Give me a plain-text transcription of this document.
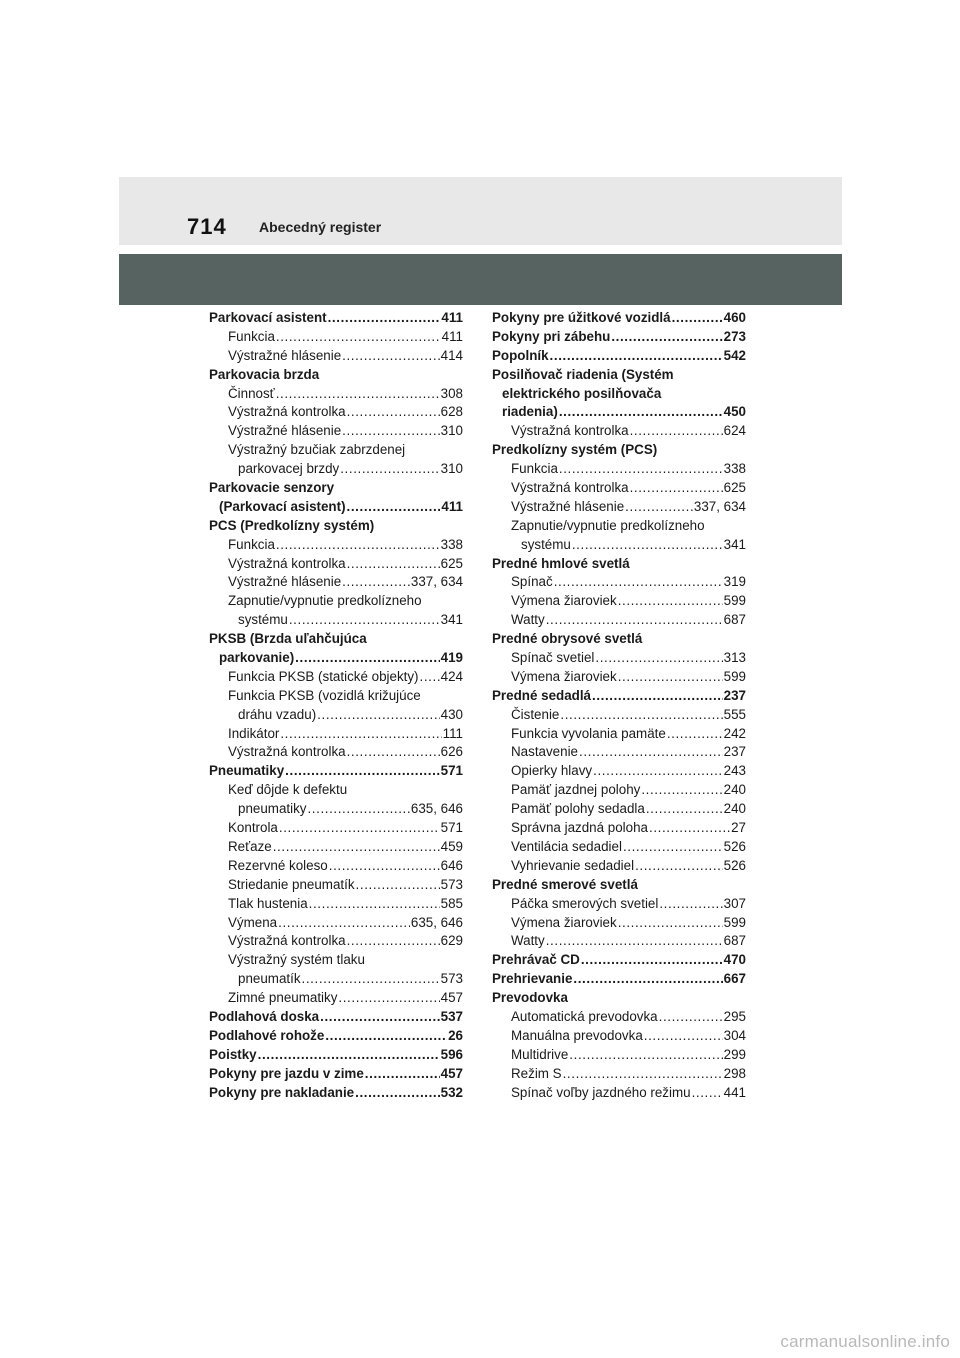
714 Abecedný register
Parkovací asistent .....	411
Funkcia .....	411
Výstražné hlásenie .....	414
Parkovacia brzda
Činnosť .....	308
Výstražná kontrolka .....	628
Výstražné hlásenie .....	310
Výstražný bzučiak zabrzdenej
parkovacej brzdy .....	310
Parkovacie senzory
(Parkovací asistent) .....	411
PCS (Predkolízny systém)
Funkcia .....	338
Výstražná kontrolka .....	625
Výstražné hlásenie .....	337, 634
Zapnutie/vypnutie predkolízneho
systému .....	341
PKSB (Brzda uľahčujúca
parkovanie) .....	419
Funkcia PKSB (statické objekty) ..... 424
Funkcia PKSB (vozidlá križujúce
dráhu vzadu) .....	430
Indikátor .....	111
Výstražná kontrolka .....	626
Pneumatiky .....	571
Keď dôjde k defektu
pneumatiky .....	635, 646
Kontrola .....	571
Reťaze .....	459
Rezervné koleso .....	646
Striedanie pneumatík .....	573
Tlak hustenia .....	585
Výmena .....	635, 646
Výstražná kontrolka .....	629
Výstražný systém tlaku
pneumatík .....	573
Zimné pneumatiky .....	457
Podlahová doska .....	537
Podlahové rohože .....	26
Poistky .....	596
Pokyny pre jazdu v zime .....	457
Pokyny pre nakladanie .....	532
Pokyny pre úžitkové vozidlá .....	460
Pokyny pri zábehu .....	273
Popolník .....	542
Posilňovač riadenia (Systém
elektrického posilňovača
riadenia) .....	450
Výstražná kontrolka .....	624
Predkolízny systém (PCS)
Funkcia .....	338
Výstražná kontrolka .....	625
Výstražné hlásenie .....	337, 634
Zapnutie/vypnutie predkolízneho
systému .....	341
Predné hmlové svetlá
Spínač .....	319
Výmena žiaroviek .....	599
Watty .....	687
Predné obrysové svetlá
Spínač svetiel .....	313
Výmena žiaroviek .....	599
Predné sedadlá .....	237
Čistenie .....	555
Funkcia vyvolania pamäte .....	242
Nastavenie .....	237
Opierky hlavy .....	243
Pamäť jazdnej polohy .....	240
Pamäť polohy sedadla .....	240
Správna jazdná poloha .....	27
Ventilácia sedadiel .....	526
Vyhrievanie sedadiel .....	526
Predné smerové svetlá
Páčka smerových svetiel .....	307
Výmena žiaroviek .....	599
Watty .....	687
Prehrávač CD .....	470
Prehrievanie .....	667
Prevodovka
Automatická prevodovka .....	295
Manuálna prevodovka .....	304
Multidrive .....	299
Režim S .....	298
Spínač voľby jazdného režimu ..... 441
carmanualsonline.info
